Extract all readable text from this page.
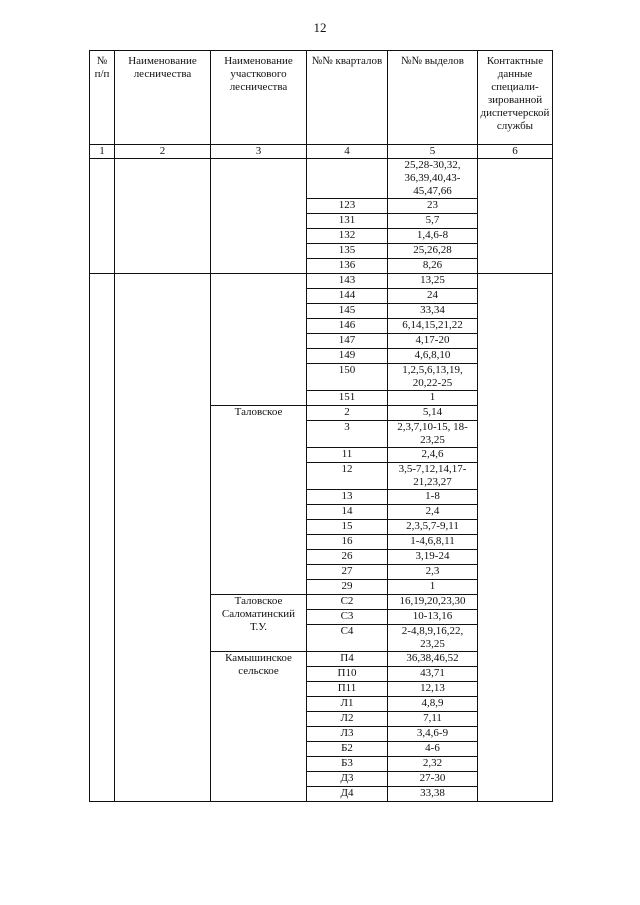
12
№ п/п	Наименование лесничества	Наименование участкового лесничества	№№ кварталов	№№ выделов	Контактные данные специали-зированной диспетчерской службы
1	2	3	4	5	6
				25,28-30,32, 36,39,40,43-45,47,66	
			123	23	
			131	5,7	
			132	1,4,6-8	
			135	25,26,28	
			136	8,26	
			143	13,25	
			144	24	
			145	33,34	
			146	6,14,15,21,22	
			147	4,17-20	
			149	4,6,8,10	
			150	1,2,5,6,13,19, 20,22-25	
			151	1	
		Таловское	2	5,14	
			3	2,3,7,10-15, 18-23,25	
			11	2,4,6	
			12	3,5-7,12,14,17-21,23,27	
			13	1-8	
			14	2,4	
			15	2,3,5,7-9,11	
			16	1-4,6,8,11	
			26	3,19-24	
			27	2,3	
			29	1	
		Таловское Саломатинский Т.У.	С2	16,19,20,23,30	
			С3	10-13,16	
			С4	2-4,8,9,16,22, 23,25	
		Камышинское сельское	П4	36,38,46,52	
			П10	43,71	
			П11	12,13	
			Л1	4,8,9	
			Л2	7,11	
			Л3	3,4,6-9	
			Б2	4-6	
			Б3	2,32	
			Д3	27-30	
			Д4	33,38	
